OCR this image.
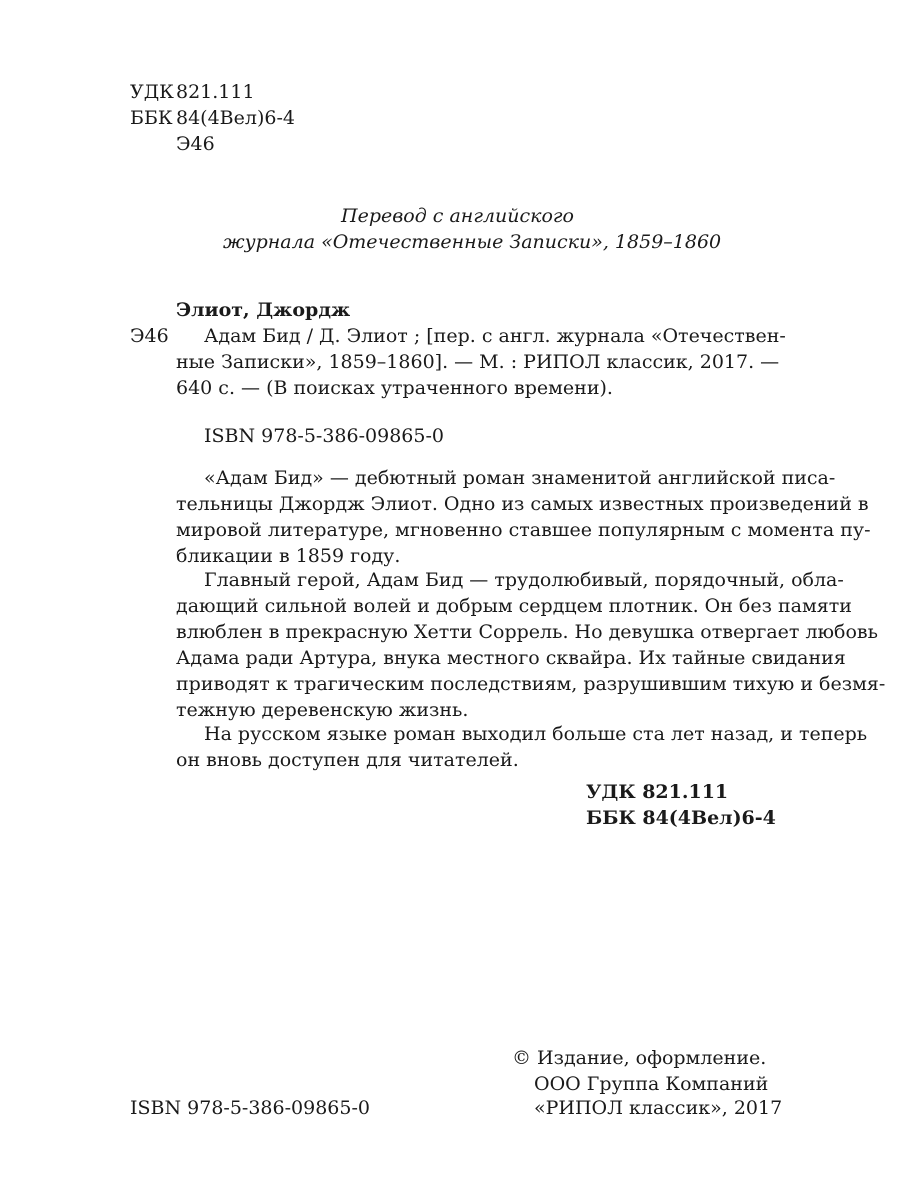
УДК 821.111
ББК 84(4Вел)6-4
Э46
Перевод с английского
журнала «Отечественные Записки», 1859–1860
Элиот, Джордж
Э46 Адам Бид / Д. Элиот ; [пер. с англ. журнала «Отечествен-
ные Записки», 1859–1860]. — М. : РИПОЛ классик, 2017. —
640 с. — (В поисках утраченного времени).
ISBN 978-5-386-09865-0
«Адам Бид» — дебютный роман знаменитой английской писа-
тельницы Джордж Элиот. Одно из самых известных произведений в
мировой литературе, мгновенно ставшее популярным с момента пу-
бликации в 1859 году.
Главный герой, Адам Бид — трудолюбивый, порядочный, обла-
дающий сильной волей и добрым сердцем плотник. Он без памяти
влюблен в прекрасную Хетти Соррель. Но девушка отвергает любовь
Адама ради Артура, внука местного сквайра. Их тайные свидания
приводят к трагическим последствиям, разрушившим тихую и безмя-
тежную деревенскую жизнь.
На русском языке роман выходил больше ста лет назад, и теперь
он вновь доступен для читателей.
УДК 821.111
ББК 84(4Вел)6-4
ISBN 978-5-386-09865-0
© Издание, оформление.
ООО Группа Компаний
«РИПОЛ классик», 2017
